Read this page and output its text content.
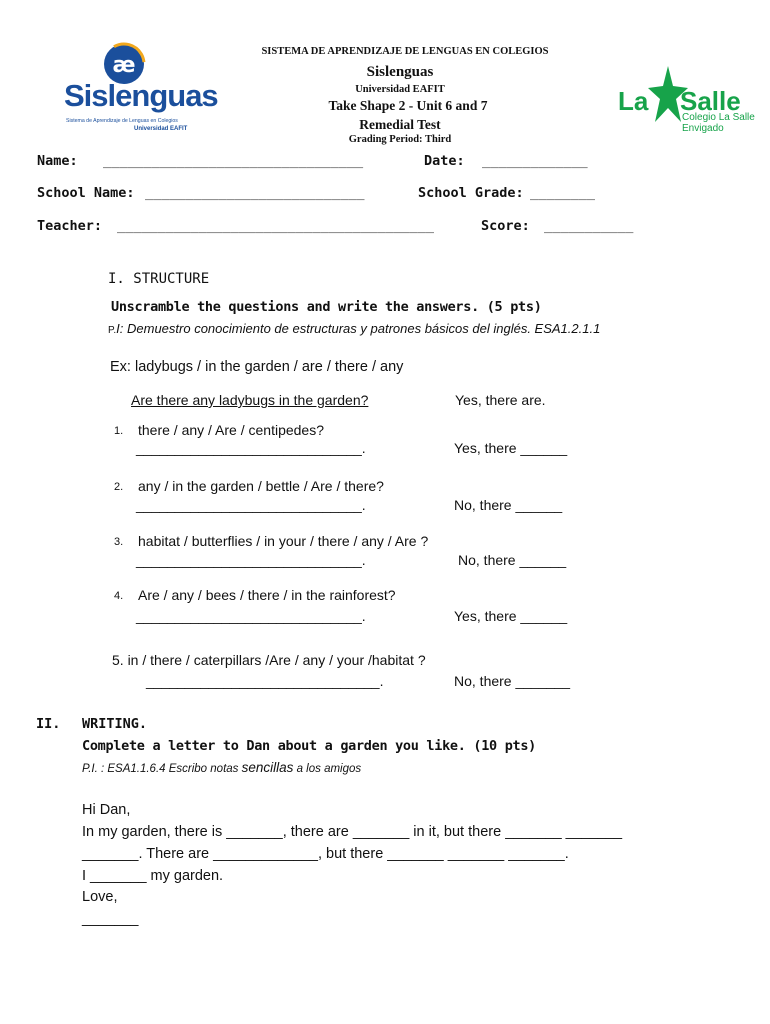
æ
Sislenguas
Sistema de Aprendizaje de Lenguas en Colegios
Universidad EAFIT
SISTEMA DE APRENDIZAJE DE LENGUAS EN COLEGIOS
Sislenguas
Universidad EAFIT
Take Shape 2 - Unit 6 and 7
Remedial Test
Grading Period: Third
La Salle
Colegio La Salle
Envigado
Name: ________________________________	Date: _____________
School Name: ___________________________	School Grade: ________
Teacher: _______________________________________	Score: ___________
I. STRUCTURE
Unscramble the questions and write the answers. (5 pts)
P.I: Demuestro conocimiento de estructuras y patrones básicos del inglés. ESA1.2.1.1
Ex: ladybugs / in the garden / are / there / any
Are there any ladybugs in the garden?	Yes, there are.
1. there / any / Are / centipedes?
_____________________________.	Yes, there ______
2. any / in the garden / bettle / Are / there?
_____________________________.	No, there ______
3. habitat / butterflies / in your / there / any / Are ?
_____________________________.	No, there ______
4. Are / any / bees / there / in the rainforest?
_____________________________.	Yes, there ______
5. in / there / caterpillars /Are / any / your /habitat ?
______________________________.	No, there _______
II. WRITING.
Complete a letter to Dan about a garden you like. (10 pts)
P.I. : ESA1.1.6.4 Escribo notas sencillas a los amigos
Hi Dan,
In my garden, there is _______, there are _______ in it, but there _______ _______
_______. There are _____________, but there _______ _______ _______.
I _______ my garden.
Love,
_______
